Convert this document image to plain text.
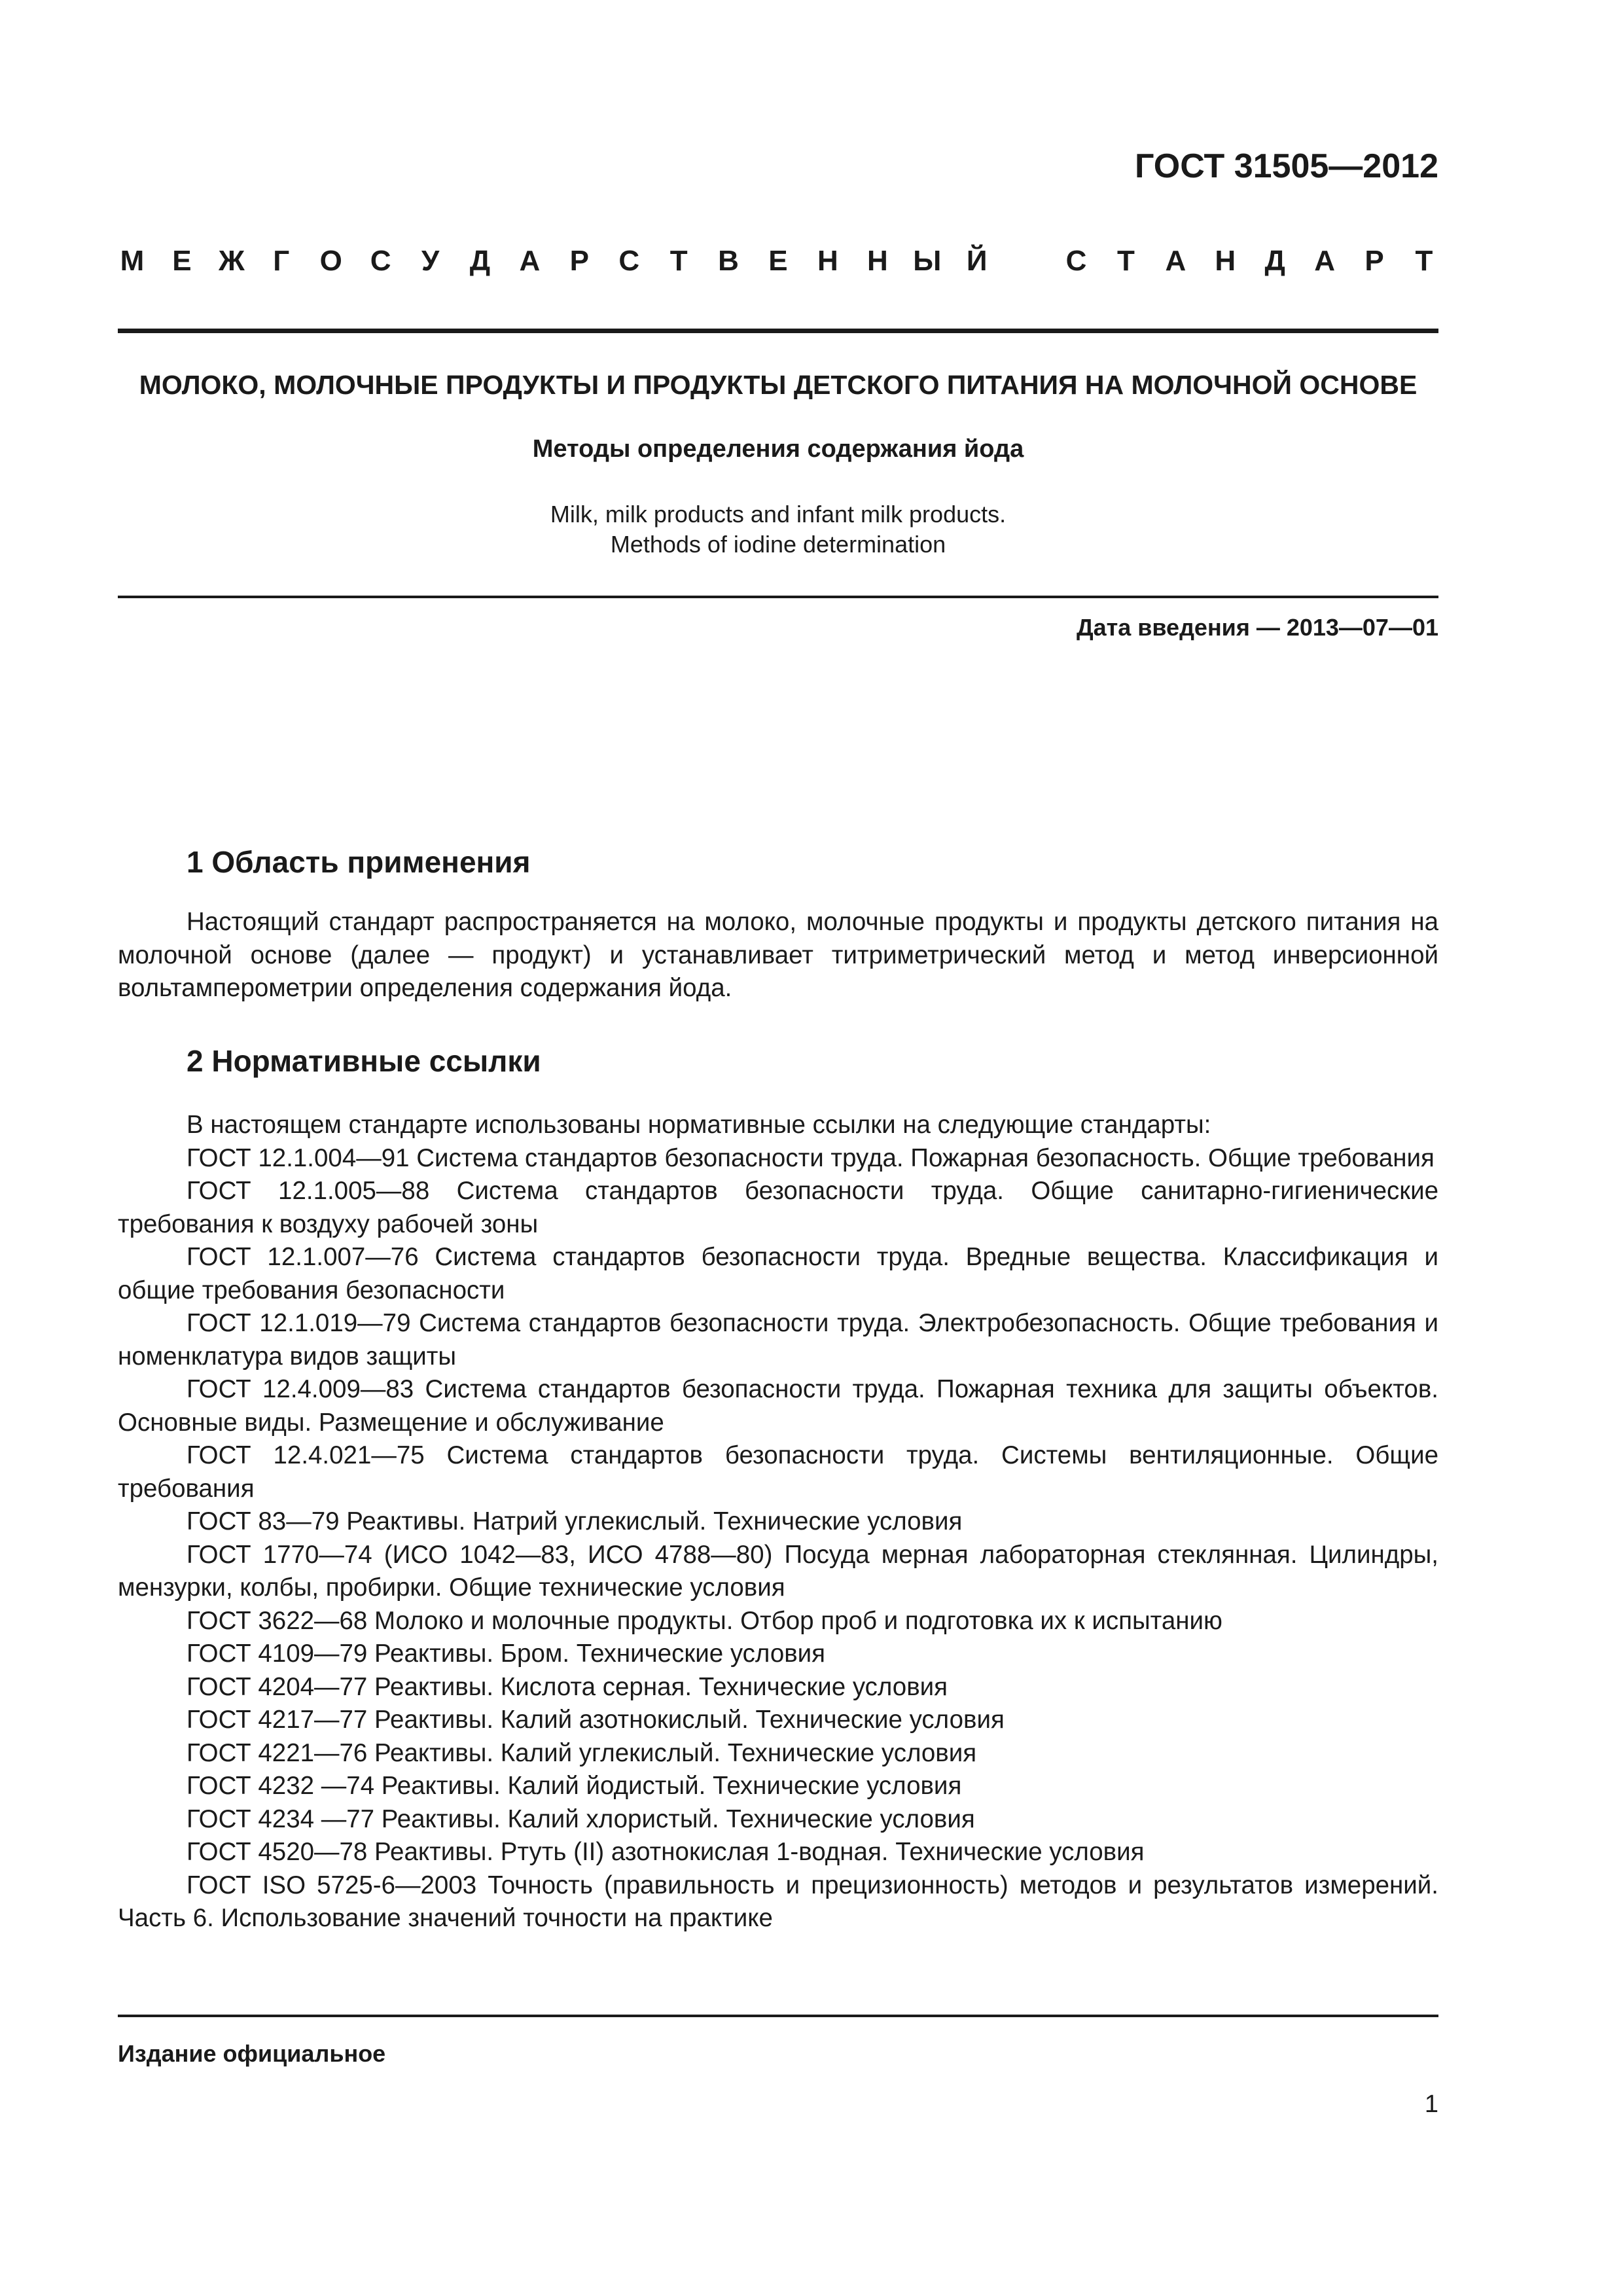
ГОСТ 31505—2012
М Е Ж Г О С У Д А Р С Т В Е Н Н Ы Й	С Т А Н Д А Р Т
МОЛОКО, МОЛОЧНЫЕ ПРОДУКТЫ И ПРОДУКТЫ ДЕТСКОГО ПИТАНИЯ НА МОЛОЧНОЙ ОСНОВЕ
Методы определения содержания йода
Milk, milk products and infant milk products.
Methods of iodine determination
Дата введения — 2013—07—01
1 Область применения

Настоящий стандарт распространяется на молоко, молочные продукты и продукты детского питания на молочной основе (далее — продукт) и устанавливает титриметрический метод и метод инверсионной вольтамперометрии определения содержания йода.

2 Нормативные ссылки

В настоящем стандарте использованы нормативные ссылки на следующие стандарты:

ГОСТ 12.1.004—91 Система стандартов безопасности труда. Пожарная безопасность. Общие требования

ГОСТ 12.1.005—88 Система стандартов безопасности труда. Общие санитарно-гигиенические требования к воздуху рабочей зоны

ГОСТ 12.1.007—76 Система стандартов безопасности труда. Вредные вещества. Классификация и общие требования безопасности

ГОСТ 12.1.019—79 Система стандартов безопасности труда. Электробезопасность. Общие требования и номенклатура видов защиты

ГОСТ 12.4.009—83 Система стандартов безопасности труда. Пожарная техника для защиты объектов. Основные виды. Размещение и обслуживание

ГОСТ 12.4.021—75 Система стандартов безопасности труда. Системы вентиляционные. Общие требования

ГОСТ 83—79 Реактивы. Натрий углекислый. Технические условия

ГОСТ 1770—74 (ИСО 1042—83, ИСО 4788—80) Посуда мерная лабораторная стеклянная. Цилиндры, мензурки, колбы, пробирки. Общие технические условия

ГОСТ 3622—68 Молоко и молочные продукты. Отбор проб и подготовка их к испытанию

ГОСТ 4109—79 Реактивы. Бром. Технические условия

ГОСТ 4204—77 Реактивы. Кислота серная. Технические условия

ГОСТ 4217—77 Реактивы. Калий азотнокислый. Технические условия

ГОСТ 4221—76 Реактивы. Калий углекислый. Технические условия

ГОСТ 4232 —74 Реактивы. Калий йодистый. Технические условия

ГОСТ 4234 —77 Реактивы. Калий хлористый. Технические условия

ГОСТ 4520—78 Реактивы. Ртуть (II) азотнокислая 1-водная. Технические условия

ГОСТ ISO 5725-6—2003 Точность (правильность и прецизионность) методов и результатов измерений. Часть 6. Использование значений точности на практике

Издание официальное
1
